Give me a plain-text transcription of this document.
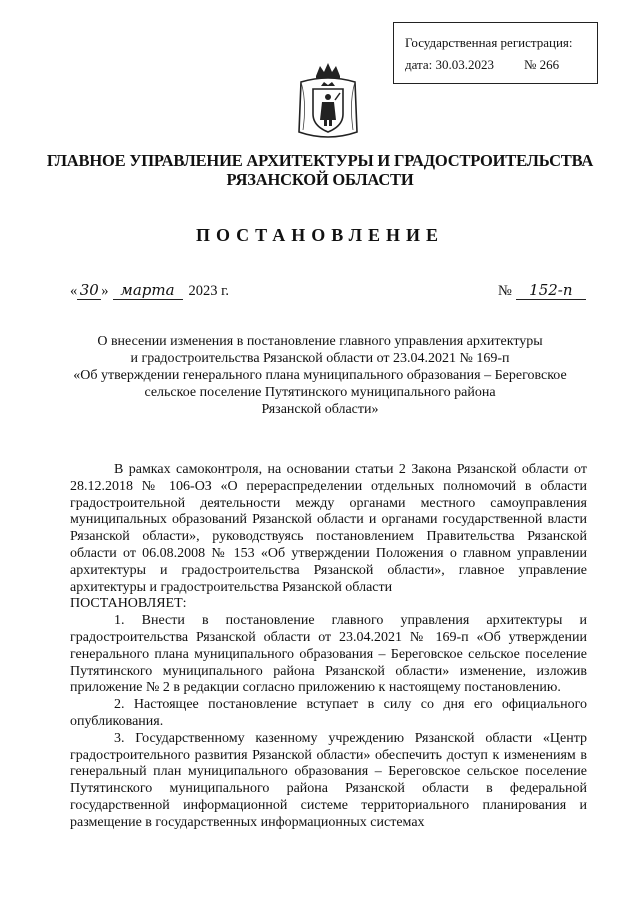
Государственная регистрация:
дата: 30.03.2023 № 266
ГЛАВНОЕ УПРАВЛЕНИЕ АРХИТЕКТУРЫ И ГРАДОСТРОИТЕЛЬСТВА
РЯЗАНСКОЙ ОБЛАСТИ
ПОСТАНОВЛЕНИЕ
« 30 » марта 2023 г.	№ 152-п
О внесении изменения в постановление главного управления архитектуры
и градостроительства Рязанской области от 23.04.2021 № 169-п
«Об утверждении генерального плана муниципального образования – Береговское
сельское поселение Путятинского муниципального района
Рязанской области»

В рамках самоконтроля, на основании статьи 2 Закона Рязанской области от 28.12.2018 № 106-ОЗ «О перераспределении отдельных полномочий в области градостроительной деятельности между органами местного самоуправления муниципальных образований Рязанской области и органами государственной власти Рязанской области», руководствуясь постановлением Правительства Рязанской области от 06.08.2008 № 153 «Об утверждении Положения о главном управлении архитектуры и градостроительства Рязанской области», главное управление архитектуры и градостроительства Рязанской области

ПОСТАНОВЛЯЕТ:

1. Внести в постановление главного управления архитектуры и градостроительства Рязанской области от 23.04.2021 № 169-п «Об утверждении генерального плана муниципального образования – Береговское сельское поселение Путятинского муниципального района Рязанской области» изменение, изложив приложение № 2 в редакции согласно приложению к настоящему постановлению.

2. Настоящее постановление вступает в силу со дня его официального опубликования.

3. Государственному казенному учреждению Рязанской области «Центр градостроительного развития Рязанской области» обеспечить доступ к изменениям в генеральный план муниципального образования – Береговское сельское поселение Путятинского муниципального района Рязанской области в федеральной государственной информационной системе территориального планирования и размещение в государственных информационных системах
